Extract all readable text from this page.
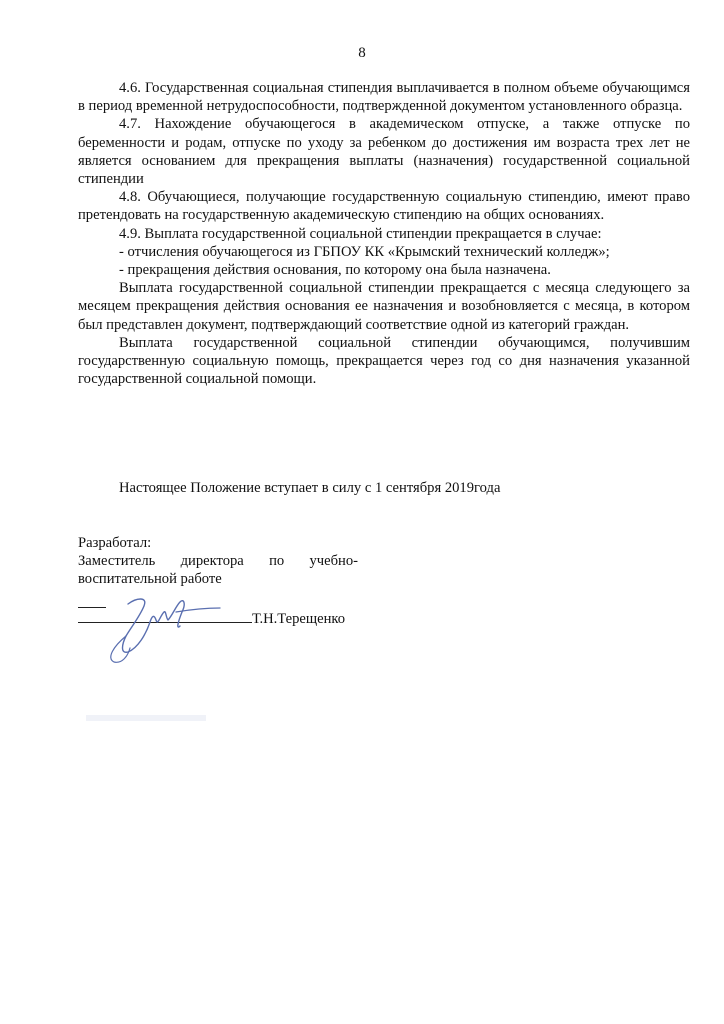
8

4.6. Государственная социальная стипендия выплачивается в полном объеме обучающимся в период временной нетрудоспособности, подтвержденной документом установленного образца.

4.7. Нахождение обучающегося в академическом отпуске, а также отпуске по беременности и родам, отпуске по уходу за ребенком до достижения им возраста трех лет не является основанием для прекращения выплаты (назначения) государственной социальной стипендии

4.8. Обучающиеся, получающие государственную социальную стипендию, имеют право претендовать на государственную академическую стипендию на общих основаниях.

4.9. Выплата государственной социальной стипендии прекращается в случае:

- отчисления обучающегося из ГБПОУ КК «Крымский технический колледж»;

- прекращения действия основания, по которому она была назначена.

Выплата государственной социальной стипендии прекращается с месяца следующего за месяцем прекращения действия основания ее назначения и возобновляется с месяца, в котором был представлен документ, подтверждающий соответствие одной из категорий граждан.

Выплата государственной социальной стипендии обучающимся, получившим государственную социальную помощь, прекращается через год со дня назначения указанной государственной социальной помощи.

Настоящее Положение вступает в силу с 1 сентября 2019года

Разработал:

Заместитель директора по учебно-

воспитательной работе

Т.Н.Терещенко
